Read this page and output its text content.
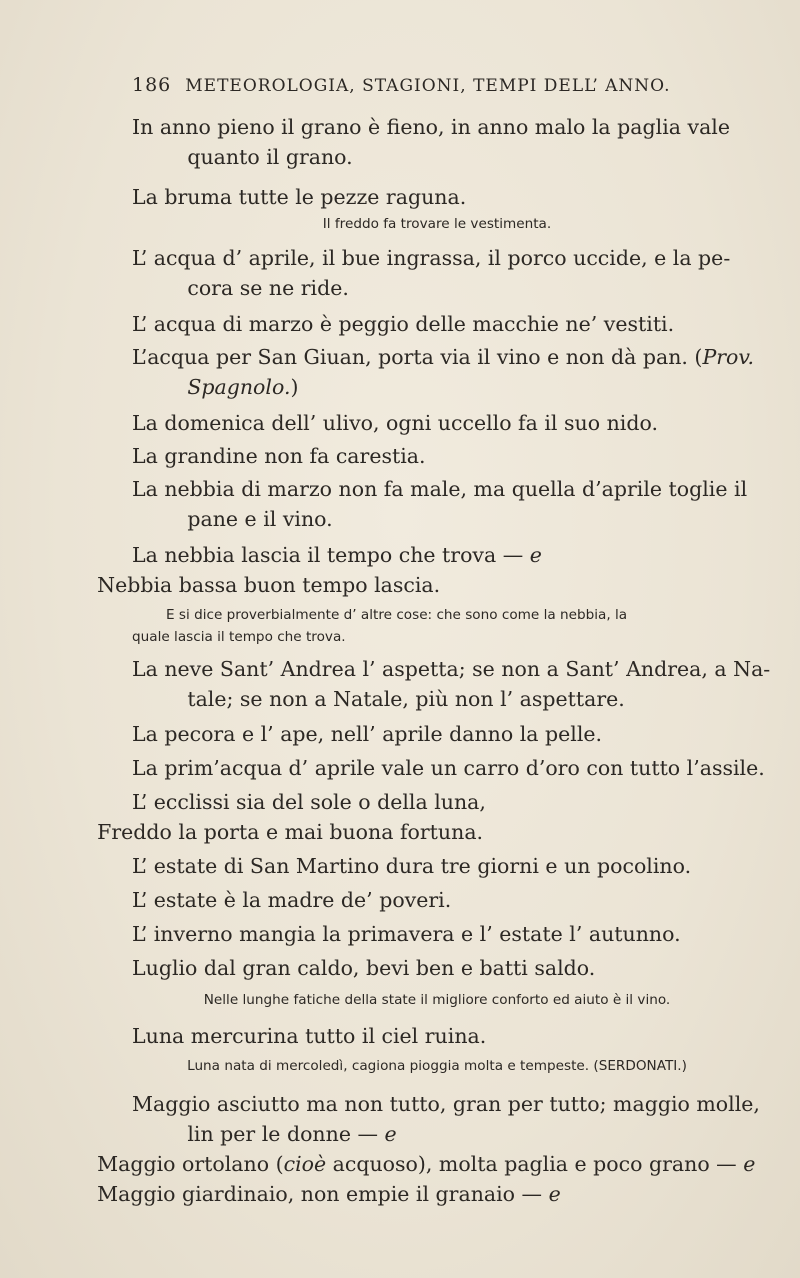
186 METEOROLOGIA, STAGIONI, TEMPI DELL’ ANNO.

In anno pieno il grano è fieno, in anno malo la paglia vale
quanto il grano.

La bruma tutte le pezze raguna.

Il freddo fa trovare le vestimenta.

L’ acqua d’ aprile, il bue ingrassa, il porco uccide, e la pe-
cora se ne ride.

L’ acqua di marzo è peggio delle macchie ne’ vestiti.

L’acqua per San Giuan, porta via il vino e non dà pan. (Prov.
Spagnolo.)

La domenica dell’ ulivo, ogni uccello fa il suo nido.

La grandine non fa carestia.

La nebbia di marzo non fa male, ma quella d’aprile toglie il
pane e il vino.

La nebbia lascia il tempo che trova — e

Nebbia bassa buon tempo lascia.

E si dice proverbialmente d’ altre cose: che sono come la nebbia, la
quale lascia il tempo che trova.

La neve Sant’ Andrea l’ aspetta; se non a Sant’ Andrea, a Na-
tale; se non a Natale, più non l’ aspettare.

La pecora e l’ ape, nell’ aprile danno la pelle.

La prim’acqua d’ aprile vale un carro d’oro con tutto l’assile.

L’ ecclissi sia del sole o della luna,

Freddo la porta e mai buona fortuna.

L’ estate di San Martino dura tre giorni e un pocolino.

L’ estate è la madre de’ poveri.

L’ inverno mangia la primavera e l’ estate l’ autunno.

Luglio dal gran caldo, bevi ben e batti saldo.

Nelle lunghe fatiche della state il migliore conforto ed aiuto è il vino.

Luna mercurina tutto il ciel ruina.

Luna nata di mercoledì, cagiona pioggia molta e tempeste. (SERDONATI.)

Maggio asciutto ma non tutto, gran per tutto; maggio molle,
lin per le donne — e

Maggio ortolano (cioè acquoso), molta paglia e poco grano — e

Maggio giardinaio, non empie il granaio — e
